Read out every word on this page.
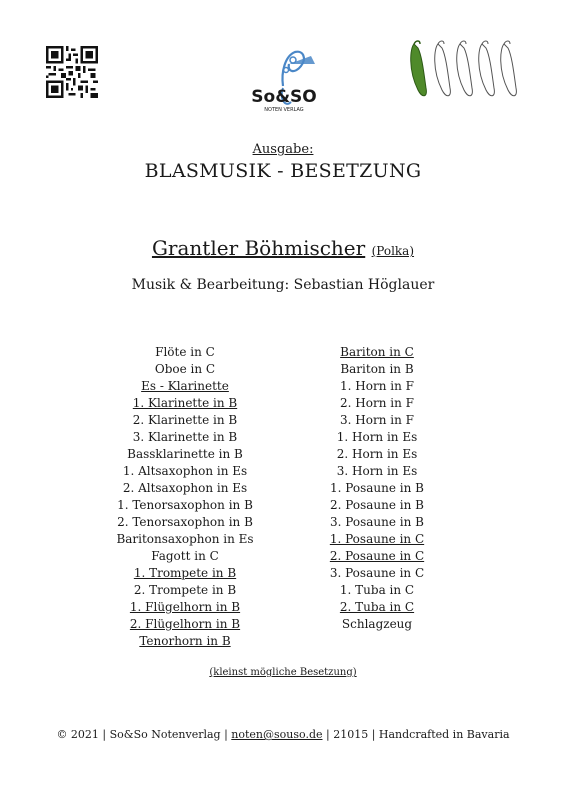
So&SO
NOTEN VERLAG
Ausgabe:
BLASMUSIK - BESETZUNG
Grantler Böhmischer (Polka)
Musik & Bearbeitung: Sebastian Höglauer
Flöte in C
Oboe in C
Es - Klarinette
1. Klarinette in B
2. Klarinette in B
3. Klarinette in B
Bassklarinette in B
1. Altsaxophon in Es
2. Altsaxophon in Es
1. Tenorsaxophon in B
2. Tenorsaxophon in B
Baritonsaxophon in Es
Fagott in C
1. Trompete in B
2. Trompete in B
1. Flügelhorn in B
2. Flügelhorn in B
Tenorhorn in B
Bariton in C
Bariton in B
1. Horn in F
2. Horn in F
3. Horn in F
1. Horn in Es
2. Horn in Es
3. Horn in Es
1. Posaune in B
2. Posaune in B
3. Posaune in B
1. Posaune in C
2. Posaune in C
3. Posaune in C
1. Tuba in C
2. Tuba in C
Schlagzeug
(kleinst mögliche Besetzung)
© 2021 | So&So Notenverlag | noten@souso.de | 21015 | Handcrafted in Bavaria
